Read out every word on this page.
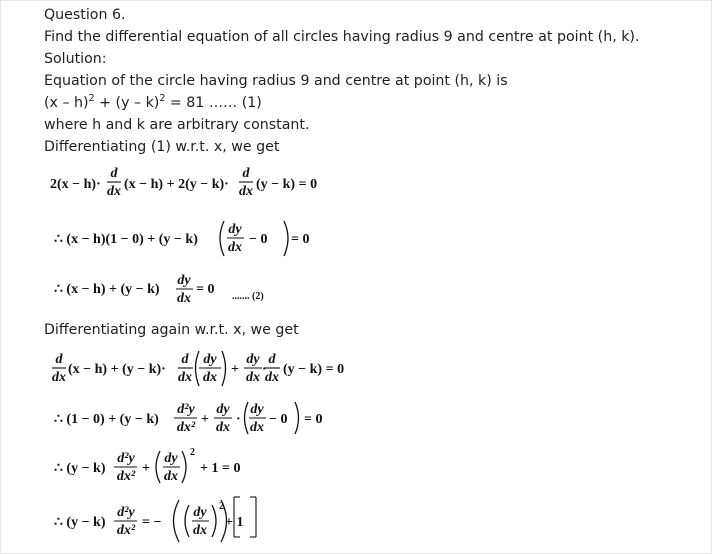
Question 6.
Find the differential equation of all circles having radius 9 and centre at point (h, k).
Solution:
Equation of the circle having radius 9 and centre at point (h, k) is
(x – h)$^2$ + (y – k)$^2$ = 81 …… (1)
where h and k are arbitrary constant.
Differentiating (1) w.r.t. x, we get
Differentiating again w.r.t. x, we get
2(x − h)·
d
dx (x − h) + 2(y − k)·
d
dx (y − k) = 0
∴ (x − h)(1 − 0) + (y − k)
dy
dx
− 0 = 0
∴ (x − h) + (y − k)
dy
dx
= 0 ....... (2)
d
dx
(x − h) + (y − k)·
d
dx
dy
dx
+
dy
dx
·
d
dx
(y − k) = 0
∴ (1 − 0) + (y − k)
d²y
dx²
+
dy
dx
·
dy
dx
− 0 = 0
∴ (y − k)
d²y
dx²
+
dy
dx
2
+ 1 = 0
∴ (y − k)
d²y
dx²
= −
dy
dx
2
+ 1
